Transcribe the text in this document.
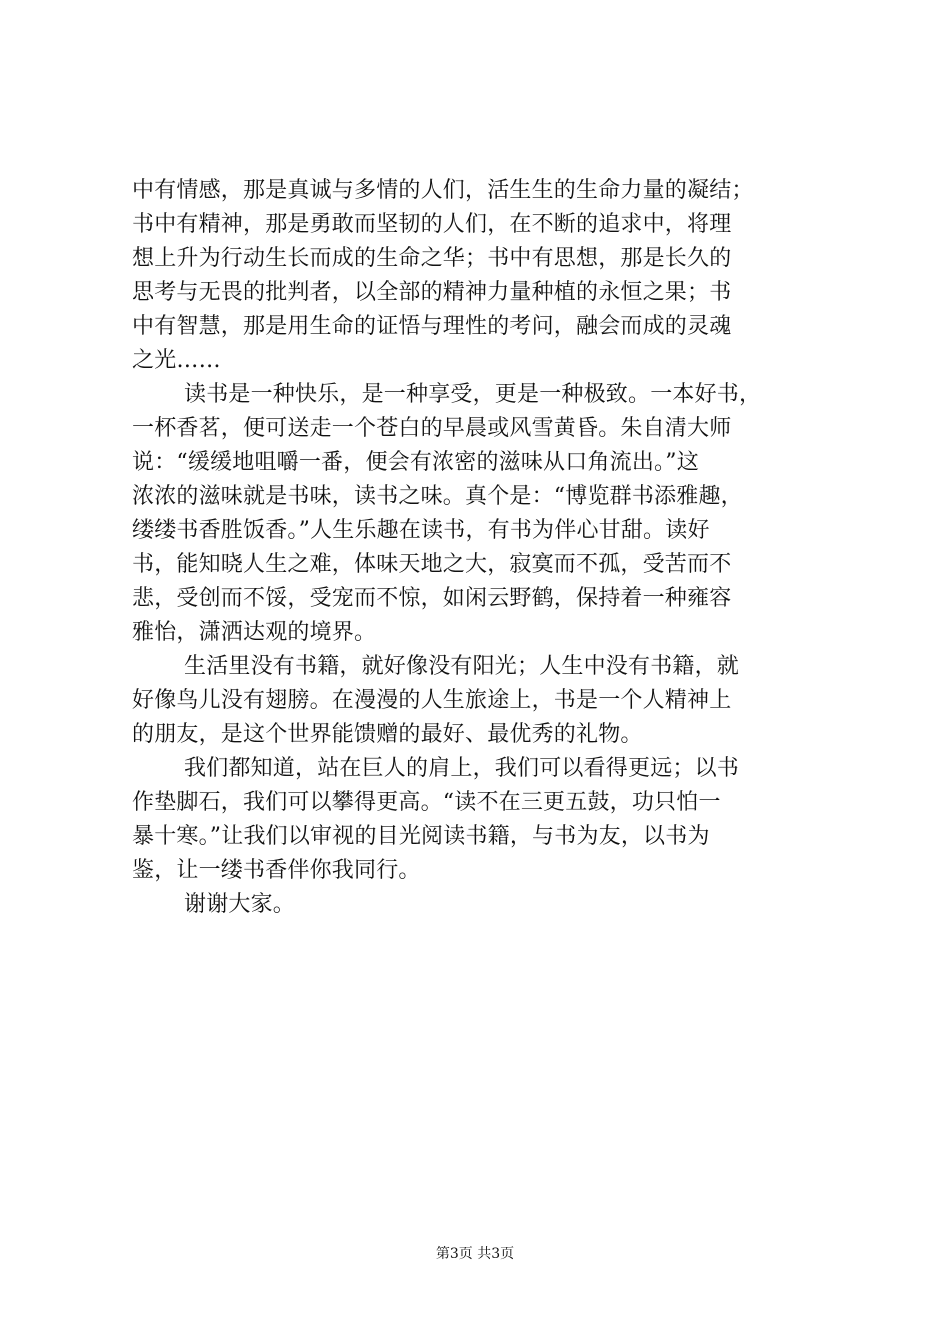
中有情感，那是真诚与多情的人们，活生生的生命力量的凝结；
书中有精神，那是勇敢而坚韧的人们，在不断的追求中，将理
想上升为行动生长而成的生命之华；书中有思想，那是长久的
思考与无畏的批判者，以全部的精神力量种植的永恒之果；书
中有智慧，那是用生命的证悟与理性的考问，融会而成的灵魂
之光……
读书是一种快乐，是一种享受，更是一种极致。一本好书，
一杯香茗，便可送走一个苍白的早晨或风雪黄昏。朱自清大师
说：“缓缓地咀嚼一番，便会有浓密的滋味从口角流出。”这
浓浓的滋味就是书味，读书之味。真个是：“博览群书添雅趣，
缕缕书香胜饭香。”人生乐趣在读书，有书为伴心甘甜。读好
书，能知晓人生之难，体味天地之大，寂寞而不孤，受苦而不
悲，受创而不馁，受宠而不惊，如闲云野鹤，保持着一种雍容
雅怡，潇洒达观的境界。
生活里没有书籍，就好像没有阳光；人生中没有书籍，就
好像鸟儿没有翅膀。在漫漫的人生旅途上，书是一个人精神上
的朋友，是这个世界能馈赠的最好、最优秀的礼物。
我们都知道，站在巨人的肩上，我们可以看得更远；以书
作垫脚石，我们可以攀得更高。“读不在三更五鼓，功只怕一
暴十寒。”让我们以审视的目光阅读书籍，与书为友，以书为
鉴，让一缕书香伴你我同行。
谢谢大家。
第3页 共3页
